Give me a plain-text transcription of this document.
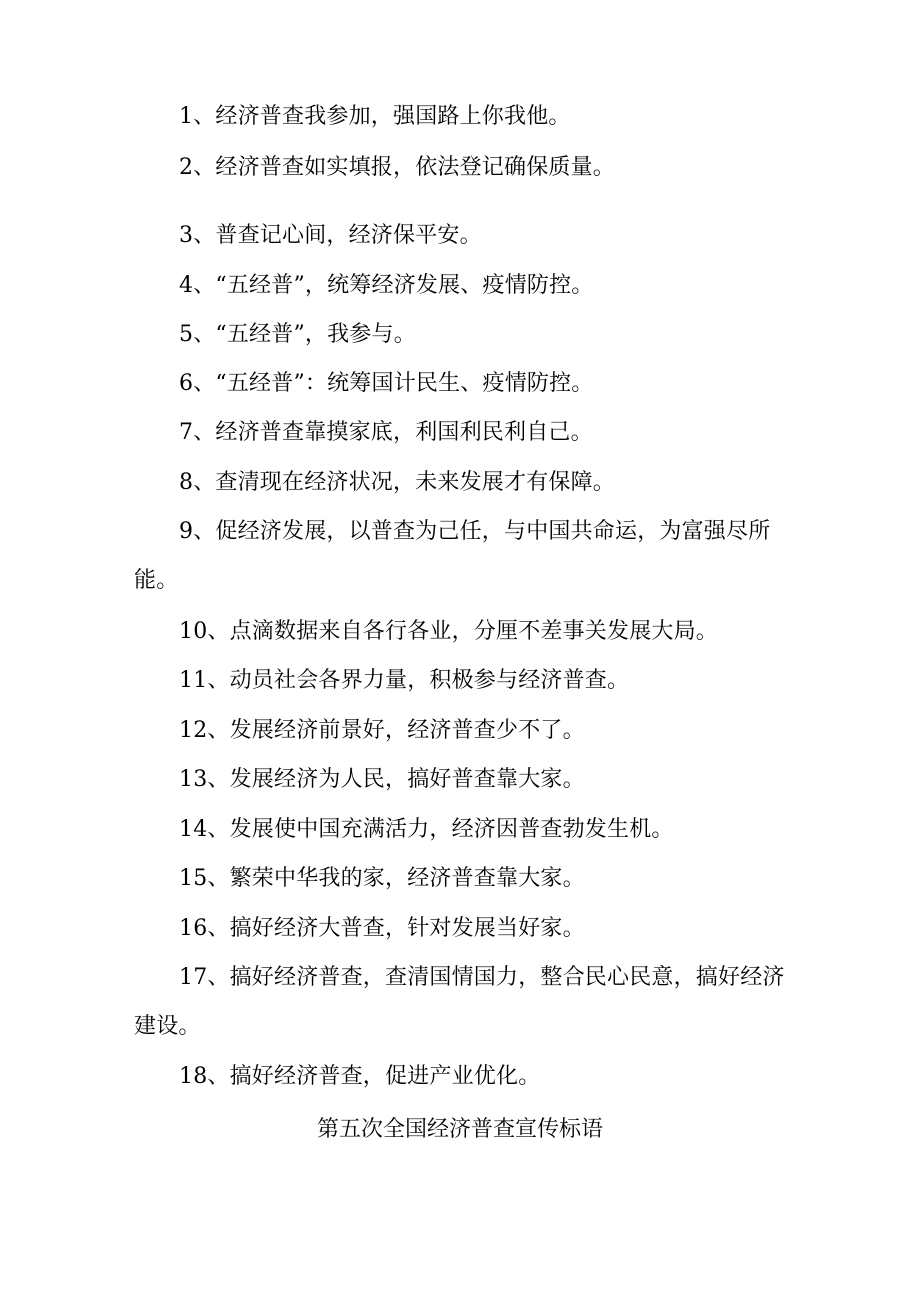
1、经济普查我参加，强国路上你我他。

2、经济普查如实填报，依法登记确保质量。

3、普查记心间，经济保平安。

4、“五经普”，统筹经济发展、疫情防控。

5、“五经普”，我参与。

6、“五经普”：统筹国计民生、疫情防控。

7、经济普查靠摸家底，利国利民利自己。

8、查清现在经济状况，未来发展才有保障。

9、促经济发展，以普查为己任，与中国共命运，为富强尽所能。

10、点滴数据来自各行各业，分厘不差事关发展大局。

11、动员社会各界力量，积极参与经济普查。

12、发展经济前景好，经济普查少不了。

13、发展经济为人民，搞好普查靠大家。

14、发展使中国充满活力，经济因普查勃发生机。

15、繁荣中华我的家，经济普查靠大家。

16、搞好经济大普查，针对发展当好家。

17、搞好经济普查，查清国情国力，整合民心民意，搞好经济建设。

18、搞好经济普查，促进产业优化。

第五次全国经济普查宣传标语
